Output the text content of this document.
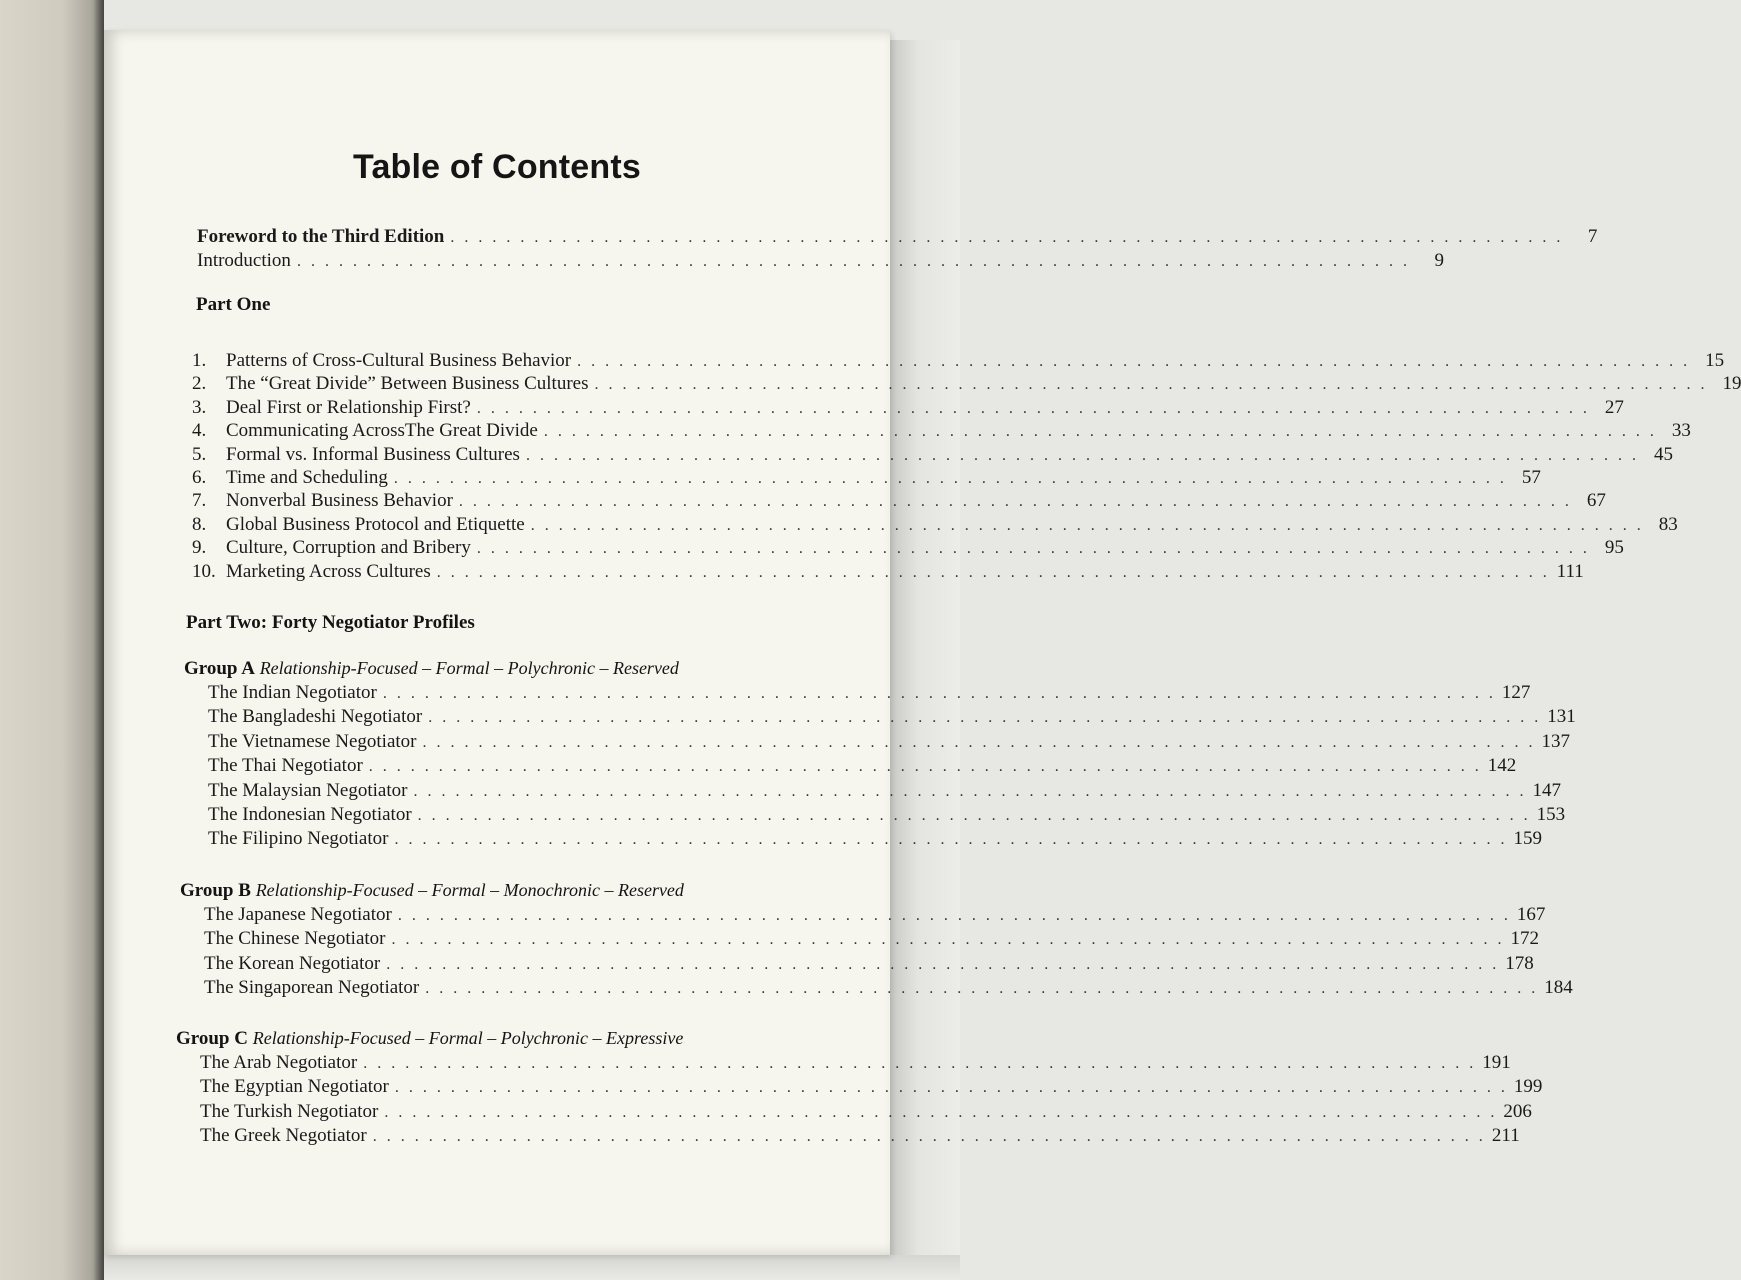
Table of Contents
Foreword to the Third Edition . . . . . . . . . . . . . . . . . . . . . . . . . . . . . . . . . . . . . . . . . . . . . . . . . . . . . . . . . . . . . . . . . . . . . . . . . . . . . . . .	7
Introduction . . . . . . . . . . . . . . . . . . . . . . . . . . . . . . . . . . . . . . . . . . . . . . . . . . . . . . . . . . . . . . . . . . . . . . . . . . . . . . . .	9
Part One
1.	Patterns of Cross-Cultural Business Behavior . . . . . . . . . . . . . . . . . . . . . . . . . . . . . . . . . . . . . . . . . . . . . . . . . . . . . . . . . . . . . . . . . . . . . . . . . . . . . . . . 15
2.	The “Great Divide” Between Business Cultures . . . . . . . . . . . . . . . . . . . . . . . . . . . . . . . . . . . . . . . . . . . . . . . . . . . . . . . . . . . . . . . . . . . . . . . . . . . . . . . . 19
3.	Deal First or Relationship First? . . . . . . . . . . . . . . . . . . . . . . . . . . . . . . . . . . . . . . . . . . . . . . . . . . . . . . . . . . . . . . . . . . . . . . . . . . . . . . . . 27
4.	Communicating AcrossThe Great Divide . . . . . . . . . . . . . . . . . . . . . . . . . . . . . . . . . . . . . . . . . . . . . . . . . . . . . . . . . . . . . . . . . . . . . . . . . . . . . . . . 33
5.	Formal vs. Informal Business Cultures . . . . . . . . . . . . . . . . . . . . . . . . . . . . . . . . . . . . . . . . . . . . . . . . . . . . . . . . . . . . . . . . . . . . . . . . . . . . . . . . 45
6.	Time and Scheduling . . . . . . . . . . . . . . . . . . . . . . . . . . . . . . . . . . . . . . . . . . . . . . . . . . . . . . . . . . . . . . . . . . . . . . . . . . . . . . . . 57
7.	Nonverbal Business Behavior . . . . . . . . . . . . . . . . . . . . . . . . . . . . . . . . . . . . . . . . . . . . . . . . . . . . . . . . . . . . . . . . . . . . . . . . . . . . . . . . 67
8.	Global Business Protocol and Etiquette . . . . . . . . . . . . . . . . . . . . . . . . . . . . . . . . . . . . . . . . . . . . . . . . . . . . . . . . . . . . . . . . . . . . . . . . . . . . . . . . 83
9.	Culture, Corruption and Bribery . . . . . . . . . . . . . . . . . . . . . . . . . . . . . . . . . . . . . . . . . . . . . . . . . . . . . . . . . . . . . . . . . . . . . . . . . . . . . . . . 95
10. Marketing Across Cultures . . . . . . . . . . . . . . . . . . . . . . . . . . . . . . . . . . . . . . . . . . . . . . . . . . . . . . . . . . . . . . . . . . . . . . . . . . . . . . . . 111
Part Two: Forty Negotiator Profiles
Group A Relationship-Focused – Formal – Polychronic – Reserved
The Indian Negotiator . . . . . . . . . . . . . . . . . . . . . . . . . . . . . . . . . . . . . . . . . . . . . . . . . . . . . . . . . . . . . . . . . . . . . . . . . . . . . . . . 127
The Bangladeshi Negotiator . . . . . . . . . . . . . . . . . . . . . . . . . . . . . . . . . . . . . . . . . . . . . . . . . . . . . . . . . . . . . . . . . . . . . . . . . . . . . . . . 131
The Vietnamese Negotiator . . . . . . . . . . . . . . . . . . . . . . . . . . . . . . . . . . . . . . . . . . . . . . . . . . . . . . . . . . . . . . . . . . . . . . . . . . . . . . . . 137
The Thai Negotiator . . . . . . . . . . . . . . . . . . . . . . . . . . . . . . . . . . . . . . . . . . . . . . . . . . . . . . . . . . . . . . . . . . . . . . . . . . . . . . . . 142
The Malaysian Negotiator . . . . . . . . . . . . . . . . . . . . . . . . . . . . . . . . . . . . . . . . . . . . . . . . . . . . . . . . . . . . . . . . . . . . . . . . . . . . . . . . 147
The Indonesian Negotiator . . . . . . . . . . . . . . . . . . . . . . . . . . . . . . . . . . . . . . . . . . . . . . . . . . . . . . . . . . . . . . . . . . . . . . . . . . . . . . . . 153
The Filipino Negotiator . . . . . . . . . . . . . . . . . . . . . . . . . . . . . . . . . . . . . . . . . . . . . . . . . . . . . . . . . . . . . . . . . . . . . . . . . . . . . . . . 159
Group B Relationship-Focused – Formal – Monochronic – Reserved
The Japanese Negotiator . . . . . . . . . . . . . . . . . . . . . . . . . . . . . . . . . . . . . . . . . . . . . . . . . . . . . . . . . . . . . . . . . . . . . . . . . . . . . . . . 167
The Chinese Negotiator . . . . . . . . . . . . . . . . . . . . . . . . . . . . . . . . . . . . . . . . . . . . . . . . . . . . . . . . . . . . . . . . . . . . . . . . . . . . . . . . 172
The Korean Negotiator . . . . . . . . . . . . . . . . . . . . . . . . . . . . . . . . . . . . . . . . . . . . . . . . . . . . . . . . . . . . . . . . . . . . . . . . . . . . . . . . 178
The Singaporean Negotiator . . . . . . . . . . . . . . . . . . . . . . . . . . . . . . . . . . . . . . . . . . . . . . . . . . . . . . . . . . . . . . . . . . . . . . . . . . . . . . . . 184
Group C Relationship-Focused – Formal – Polychronic – Expressive
The Arab Negotiator . . . . . . . . . . . . . . . . . . . . . . . . . . . . . . . . . . . . . . . . . . . . . . . . . . . . . . . . . . . . . . . . . . . . . . . . . . . . . . . . 191
The Egyptian Negotiator . . . . . . . . . . . . . . . . . . . . . . . . . . . . . . . . . . . . . . . . . . . . . . . . . . . . . . . . . . . . . . . . . . . . . . . . . . . . . . . . 199
The Turkish Negotiator . . . . . . . . . . . . . . . . . . . . . . . . . . . . . . . . . . . . . . . . . . . . . . . . . . . . . . . . . . . . . . . . . . . . . . . . . . . . . . . . 206
The Greek Negotiator . . . . . . . . . . . . . . . . . . . . . . . . . . . . . . . . . . . . . . . . . . . . . . . . . . . . . . . . . . . . . . . . . . . . . . . . . . . . . . . . 211
